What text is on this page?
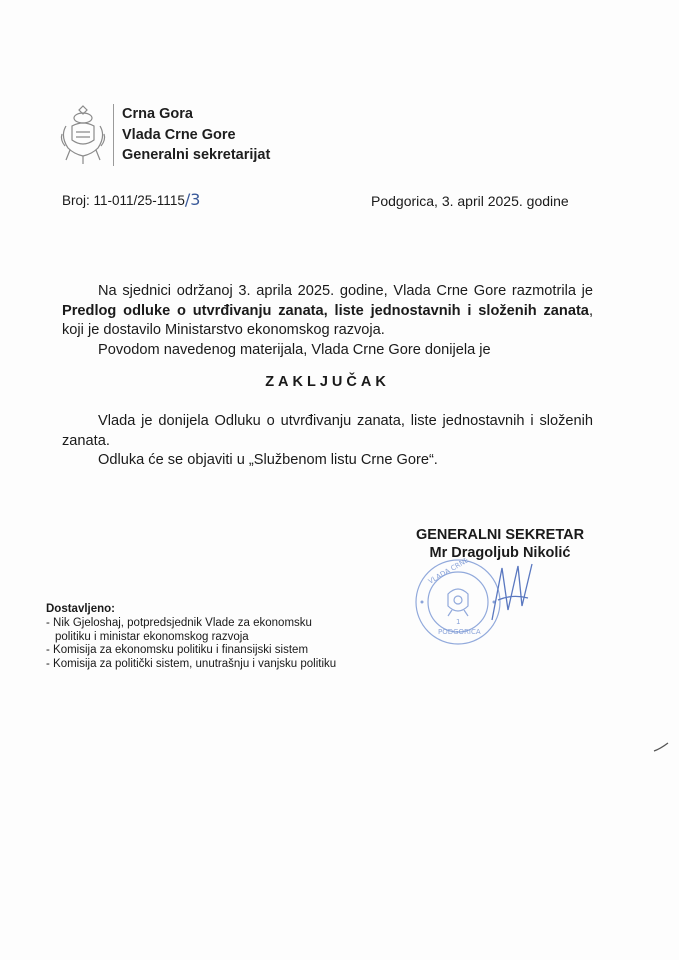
Crna Gora
Vlada Crne Gore
Generalni sekretarijat
Broj: 11-011/25-1115/3	Podgorica, 3. april 2025. godine

Na sjednici održanoj 3. aprila 2025. godine, Vlada Crne Gore razmotrila je Predlog odluke o utvrđivanju zanata, liste jednostavnih i složenih zanata, koji je dostavilo Ministarstvo ekonomskog razvoja.

Povodom navedenog materijala, Vlada Crne Gore donijela je

ZAKLJUČAK

Vlada je donijela Odluku o utvrđivanju zanata, liste jednostavnih i složenih zanata.

Odluka će se objaviti u „Službenom listu Crne Gore“.

GENERALNI SEKRETAR
Mr Dragoljub Nikolić
VLADA CRNE
PODGORICA
1
Dostavljeno:
- Nik Gjeloshaj, potpredsjednik Vlade za ekonomsku politiku i ministar ekonomskog razvoja
- Komisija za ekonomsku politiku i finansijski sistem
- Komisija za politički sistem, unutrašnju i vanjsku politiku
